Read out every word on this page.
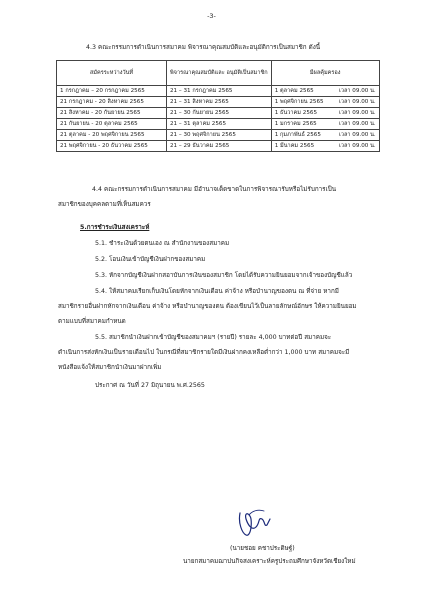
-3-
4.3 คณะกรรมการดำเนินการสมาคม พิจารณาคุณสมบัติและอนุมัติการเป็นสมาชิก ดังนี้
สมัครระหว่างวันที่	พิจารณาคุณสมบัติและ อนุมัติเป็นสมาชิก	มีผลคุ้มครอง
1 กรกฎาคม – 20 กรกฎาคม 2565	21 – 31 กรกฎาคม 2565	1 ตุลาคม 2565 เวลา 09.00 น.

21 กรกฎาคม - 20 สิงหาคม 2565	21 – 31 สิงหาคม 2565	1 พฤศจิกายน 2565 เวลา 09.00 น.

21 สิงหาคม - 20 กันยายน 2565	21 – 30 กันยายน 2565	1 ธันวาคม 2565 เวลา 09.00 น.

21 กันยายน - 20 ตุลาคม 2565	21 – 31 ตุลาคม 2565	1 มกราคม 2565 เวลา 09.00 น.

21 ตุลาคม - 20 พฤศจิกายน 2565	21 – 30 พฤศจิกายน 2565	1 กุมภาพันธ์ 2565 เวลา 09.00 น.

21 พฤศจิกายน - 20 ธันวาคม 2565	21 – 29 ธันวาคม 2565	1 มีนาคม 2565 เวลา 09.00 น.
4.4 คณะกรรมการดำเนินการสมาคม มีอำนาจเด็ดขาดในการพิจารณารับหรือไม่รับการเป็น
สมาชิกของบุคคลตามที่เห็นสมควร
5.การชำระเงินสงเคราะห์
5.1. ชำระเงินด้วยตนเอง ณ สำนักงานของสมาคม
5.2. โอนเงินเข้าบัญชีเงินฝากของสมาคม
5.3. หักจากบัญชีเงินฝากสอาบันการเงินของสมาชิก โดยได้รับความยินยอมจากเจ้าของบัญชีแล้ว
5.4. ให้สมาคมเรียกเก็บเงินโดยหักจากเงินเดือน ค่าจ้าง หรือบำนาญของตน ณ ที่จ่าย หากมี
สมาชิกรายอื่นฝากหักจากเงินเดือน ค่าจ้าง หรือบำนาญของตน ต้องเขียนไว้เป็นลายลักษณ์อักษร ให้ความยินยอม
ตามแบบที่สมาคมกำหนด
5.5. สมาชิกนำเงินฝากเข้าบัญชีของสมาคมฯ (รายปี) รายละ 4,000 บาทต่อปี สมาคมจะ
ดำเนินการส่งหักเงินเป็นรายเดือนไป ในกรณีที่สมาชิกรายใดมีเงินฝากคงเหลือต่ำกว่า 1,000 บาท สมาคมจะมี
หนังสือแจ้งให้สมาชิกนำเงินมาฝากเพิ่ม
ประกาศ ณ วันที่ 27 มิถุนายน พ.ศ.2565
(นายชอย คชาประดิษฐ์)
นายกสมาคมฌาปนกิจสงเคราะห์ครูประถมศึกษาจังหวัดเชียงใหม่
